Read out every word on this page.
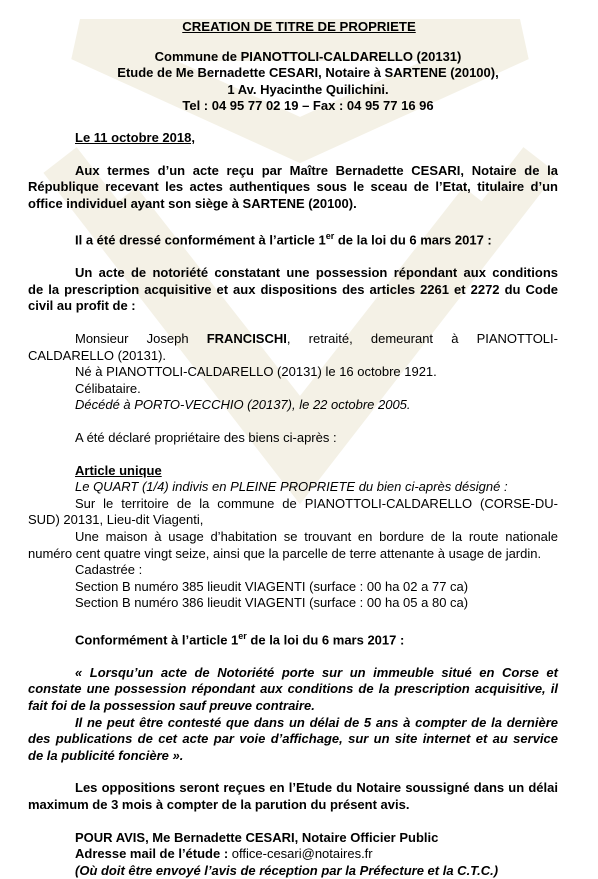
CREATION DE TITRE DE PROPRIETE

Commune de PIANOTTOLI-CALDARELLO (20131)

Etude de Me Bernadette CESARI, Notaire à SARTENE (20100),

1 Av. Hyacinthe Quilichini.

Tel : 04 95 77 02 19 – Fax : 04 95 77 16 96

Le 11 octobre 2018,

Aux termes d’un acte reçu par Maître Bernadette CESARI, Notaire de la

République recevant les actes authentiques sous le sceau de l’Etat, titulaire d’un

office individuel ayant son siège à SARTENE (20100).

Il a été dressé conformément à l’article 1er de la loi du 6 mars 2017 :

Un acte de notoriété constatant une possession répondant aux conditions

de la prescription acquisitive et aux dispositions des articles 2261 et 2272 du Code

civil au profit de :

Monsieur Joseph FRANCISCHI, retraité, demeurant à PIANOTTOLI-

CALDARELLO (20131).

Né à PIANOTTOLI-CALDARELLO (20131) le 16 octobre 1921.

Célibataire.

Décédé à PORTO-VECCHIO (20137), le 22 octobre 2005.

A été déclaré propriétaire des biens ci-après :

Article unique

Le QUART (1/4) indivis en PLEINE PROPRIETE du bien ci-après désigné :

Sur le territoire de la commune de PIANOTTOLI-CALDARELLO (CORSE-DU-

SUD) 20131, Lieu-dit Viagenti,

Une maison à usage d’habitation se trouvant en bordure de la route nationale

numéro cent quatre vingt seize, ainsi que la parcelle de terre attenante à usage de jardin.

Cadastrée :

Section B numéro 385 lieudit VIAGENTI (surface : 00 ha 02 a 77 ca)

Section B numéro 386 lieudit VIAGENTI (surface : 00 ha 05 a 80 ca)

Conformément à l’article 1er de la loi du 6 mars 2017 :

« Lorsqu’un acte de Notoriété porte sur un immeuble situé en Corse et

constate une possession répondant aux conditions de la prescription acquisitive, il

fait foi de la possession sauf preuve contraire.

Il ne peut être contesté que dans un délai de 5 ans à compter de la dernière

des publications de cet acte par voie d’affichage, sur un site internet et au service

de la publicité foncière ».

Les oppositions seront reçues en l’Etude du Notaire soussigné dans un délai

maximum de 3 mois à compter de la parution du présent avis.

POUR AVIS, Me Bernadette CESARI, Notaire Officier Public

Adresse mail de l’étude : office-cesari@notaires.fr

(Où doit être envoyé l’avis de réception par la Préfecture et la C.T.C.)
